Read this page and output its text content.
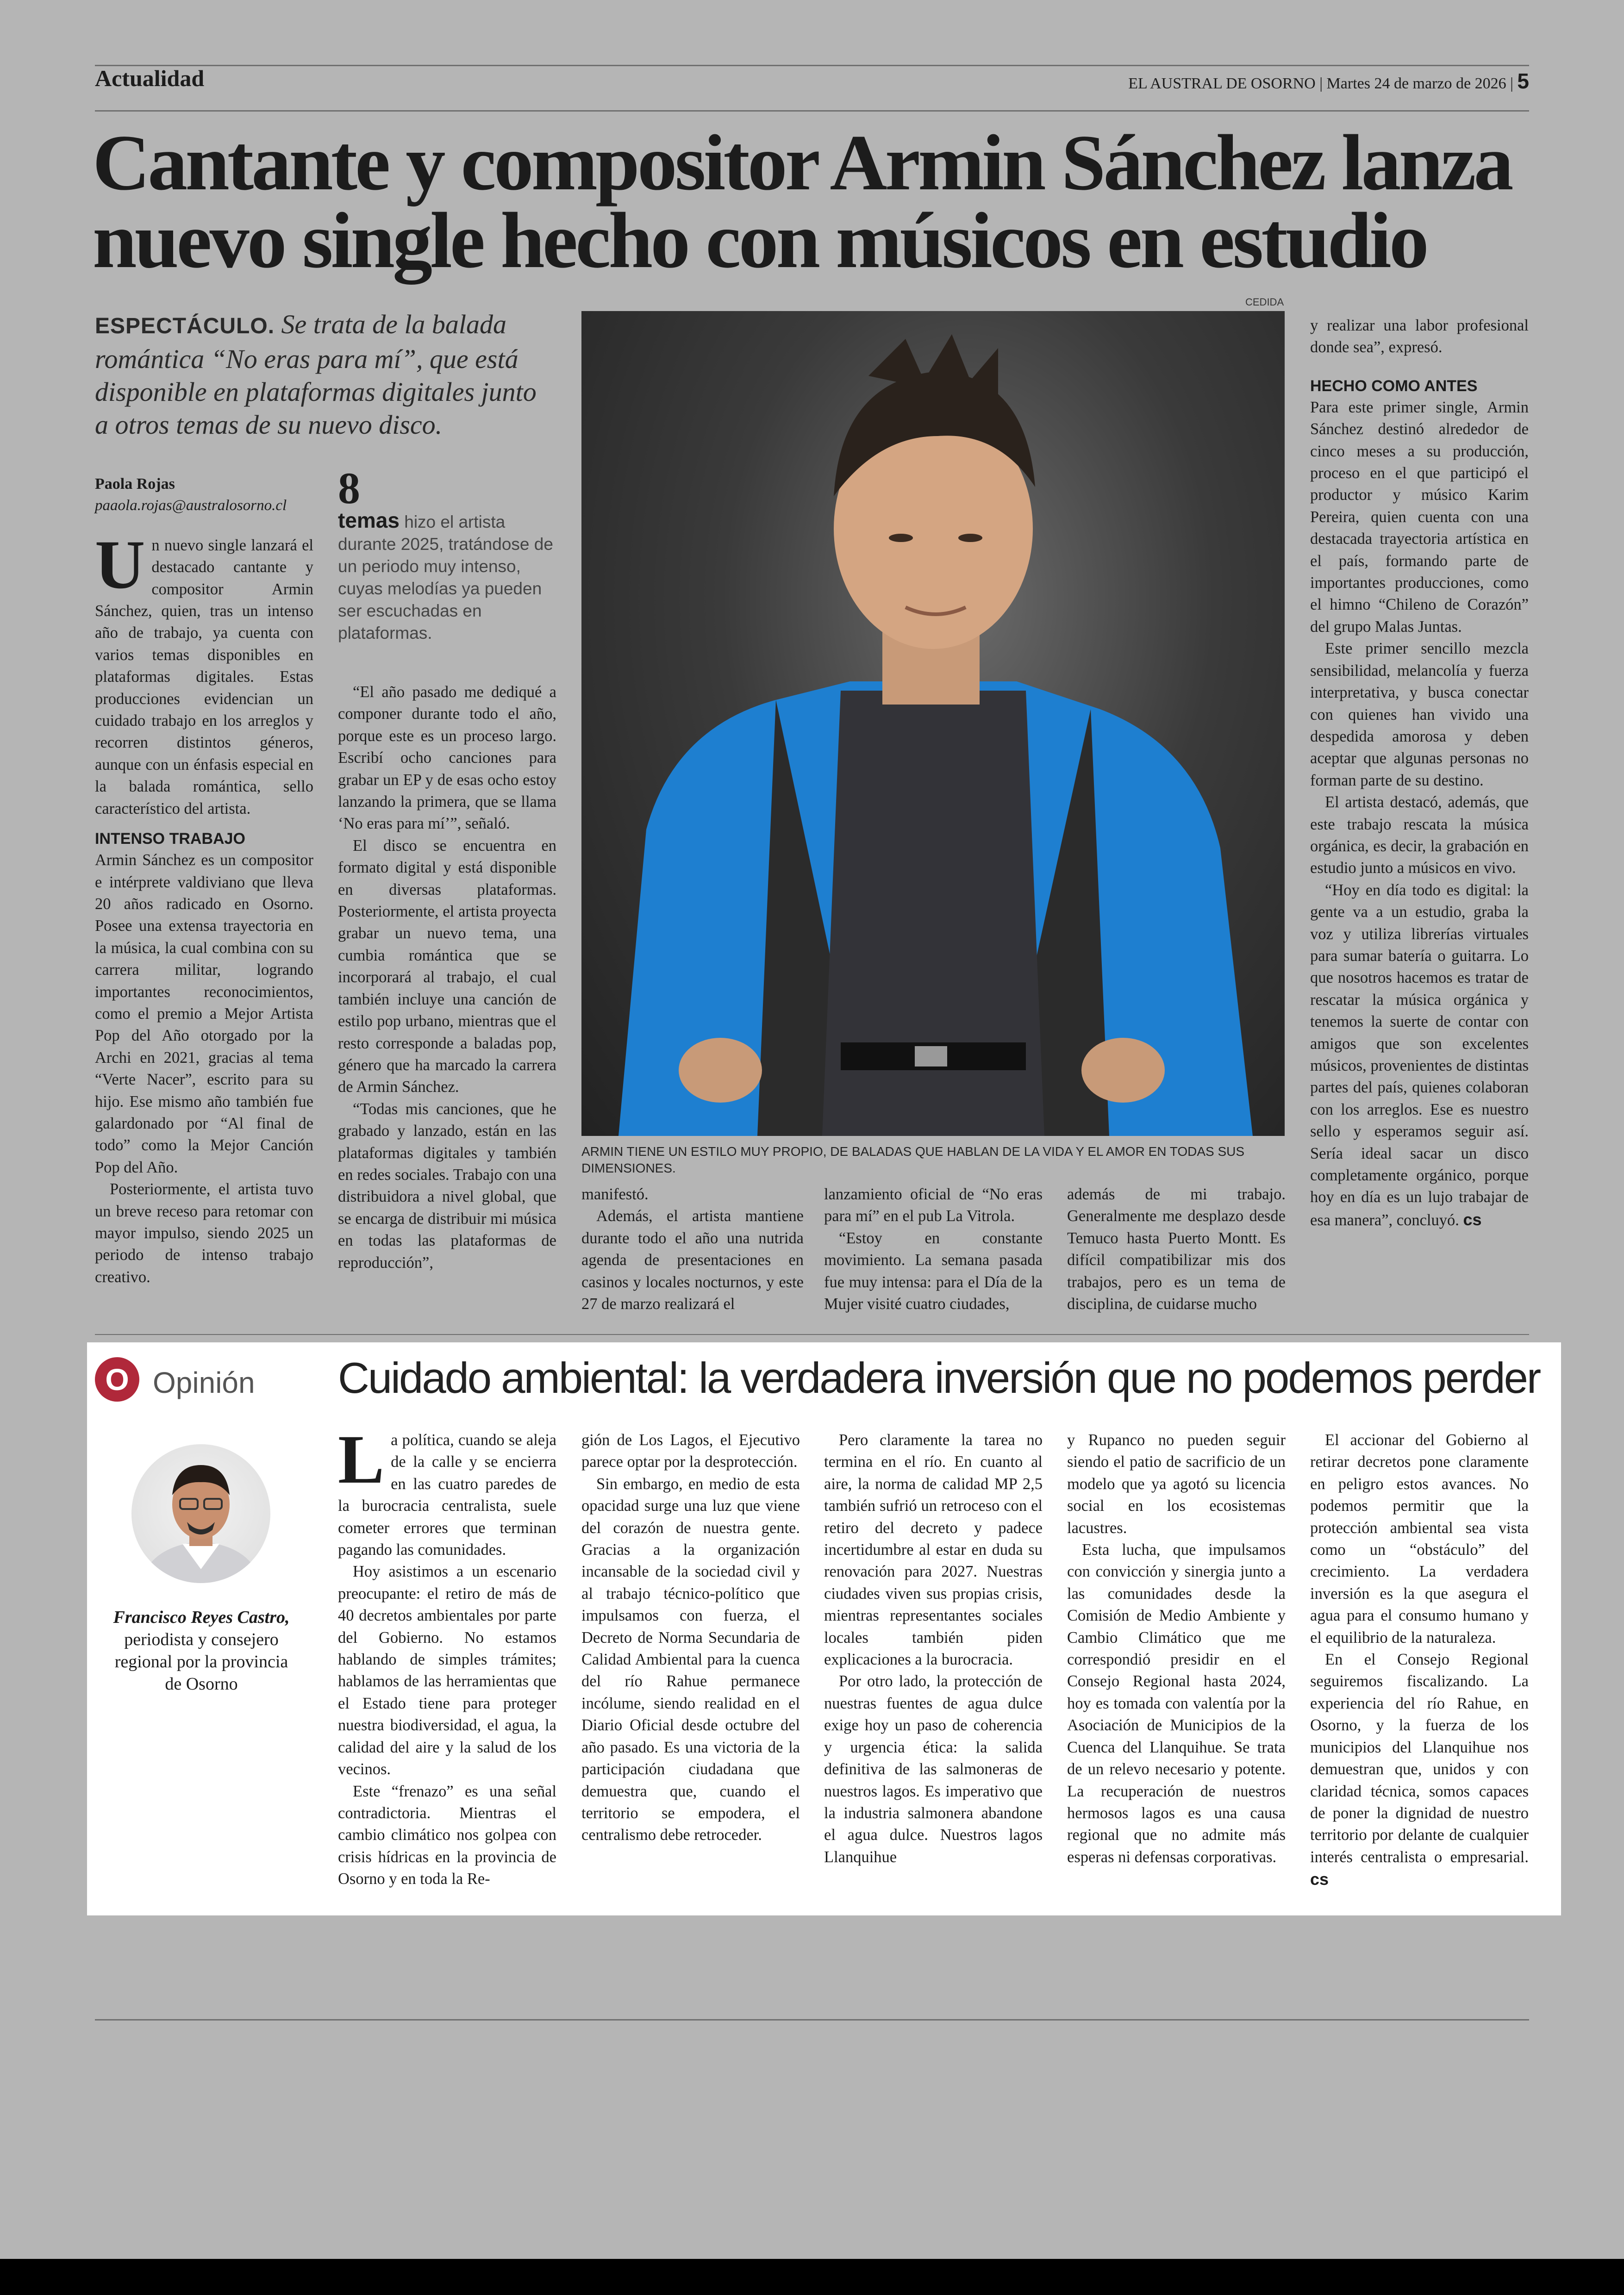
Actualidad	EL AUSTRAL DE OSORNO | Martes 24 de marzo de 2026 | 5
Cantante y compositor Armin Sánchez lanza nuevo single hecho con músicos en estudio
ESPECTÁCULO. Se trata de la balada romántica “No eras para mí”, que está disponible en plataformas digitales junto a otros temas de su nuevo disco.
Paola Rojas
paaola.rojas@australosorno.cl

Un nuevo single lanzará el destacado cantante y compositor Armin Sánchez, quien, tras un intenso año de trabajo, ya cuenta con varios temas disponibles en plataformas digitales. Estas producciones evidencian un cuidado trabajo en los arreglos y recorren distintos géneros, aunque con un énfasis especial en la balada romántica, sello característico del artista.

INTENSO TRABAJO

Armin Sánchez es un compositor e intérprete valdiviano que lleva 20 años radicado en Osorno. Posee una extensa trayectoria en la música, la cual combina con su carrera militar, logrando importantes reconocimientos, como el premio a Mejor Artista Pop del Año otorgado por la Archi en 2021, gracias al tema “Verte Nacer”, escrito para su hijo. Ese mismo año también fue galardonado por “Al final de todo” como la Mejor Canción Pop del Año.

Posteriormente, el artista tuvo un breve receso para retomar con mayor impulso, siendo 2025 un periodo de intenso trabajo creativo.

8
temas hizo el artista durante 2025, tratándose de un periodo muy intenso, cuyas melodías ya pueden ser escuchadas en plataformas.

“El año pasado me dediqué a componer durante todo el año, porque este es un proceso largo. Escribí ocho canciones para grabar un EP y de esas ocho estoy lanzando la primera, que se llama ‘No eras para mí’”, señaló.

El disco se encuentra en formato digital y está disponible en diversas plataformas. Posteriormente, el artista proyecta grabar un nuevo tema, una cumbia romántica que se incorporará al trabajo, el cual también incluye una canción de estilo pop urbano, mientras que el resto corresponde a baladas pop, género que ha marcado la carrera de Armin Sánchez.

“Todas mis canciones, que he grabado y lanzado, están en las plataformas digitales y también en redes sociales. Trabajo con una distribuidora a nivel global, que se encarga de distribuir mi música en todas las plataformas de reproducción”,

CEDIDA
ARMIN TIENE UN ESTILO MUY PROPIO, DE BALADAS QUE HABLAN DE LA VIDA Y EL AMOR EN TODAS SUS DIMENSIONES.

manifestó.

Además, el artista mantiene durante todo el año una nutrida agenda de presentaciones en casinos y locales nocturnos, y este 27 de marzo realizará el

lanzamiento oficial de “No eras para mí” en el pub La Vitrola.

“Estoy en constante movimiento. La semana pasada fue muy intensa: para el Día de la Mujer visité cuatro ciudades,

además de mi trabajo. Generalmente me desplazo desde Temuco hasta Puerto Montt. Es difícil compatibilizar mis dos trabajos, pero es un tema de disciplina, de cuidarse mucho

y realizar una labor profesional donde sea”, expresó.

HECHO COMO ANTES

Para este primer single, Armin Sánchez destinó alrededor de cinco meses a su producción, proceso en el que participó el productor y músico Karim Pereira, quien cuenta con una destacada trayectoria artística en el país, formando parte de importantes producciones, como el himno “Chileno de Corazón” del grupo Malas Juntas.

Este primer sencillo mezcla sensibilidad, melancolía y fuerza interpretativa, y busca conectar con quienes han vivido una despedida amorosa y deben aceptar que algunas personas no forman parte de su destino.

El artista destacó, además, que este trabajo rescata la música orgánica, es decir, la grabación en estudio junto a músicos en vivo.

“Hoy en día todo es digital: la gente va a un estudio, graba la voz y utiliza librerías virtuales para sumar batería o guitarra. Lo que nosotros hacemos es tratar de rescatar la música orgánica y tenemos la suerte de contar con amigos que son excelentes músicos, provenientes de distintas partes del país, quienes colaboran con los arreglos. Ese es nuestro sello y esperamos seguir así. Sería ideal sacar un disco completamente orgánico, porque hoy en día es un lujo trabajar de esa manera”, concluyó. cs

O Opinión Cuidado ambiental: la verdadera inversión que no podemos perder
Francisco Reyes Castro,
periodista y consejero regional por la provincia de Osorno

La política, cuando se aleja de la calle y se encierra en las cuatro paredes de la burocracia centralista, suele cometer errores que terminan pagando las comunidades.

Hoy asistimos a un escenario preocupante: el retiro de más de 40 decretos ambientales por parte del Gobierno. No estamos hablando de simples trámites; hablamos de las herramientas que el Estado tiene para proteger nuestra biodiversidad, el agua, la calidad del aire y la salud de los vecinos.

Este “frenazo” es una señal contradictoria. Mientras el cambio climático nos golpea con crisis hídricas en la provincia de Osorno y en toda la Re-

gión de Los Lagos, el Ejecutivo parece optar por la desprotección.

Sin embargo, en medio de esta opacidad surge una luz que viene del corazón de nuestra gente. Gracias a la organización incansable de la sociedad civil y al trabajo técnico-político que impulsamos con fuerza, el Decreto de Norma Secundaria de Calidad Ambiental para la cuenca del río Rahue permanece incólume, siendo realidad en el Diario Oficial desde octubre del año pasado. Es una victoria de la participación ciudadana que demuestra que, cuando el territorio se empodera, el centralismo debe retroceder.

Pero claramente la tarea no termina en el río. En cuanto al aire, la norma de calidad MP 2,5 también sufrió un retroceso con el retiro del decreto y padece incertidumbre al estar en duda su renovación para 2027. Nuestras ciudades viven sus propias crisis, mientras representantes sociales locales también piden explicaciones a la burocracia.

Por otro lado, la protección de nuestras fuentes de agua dulce exige hoy un paso de coherencia y urgencia ética: la salida definitiva de las salmoneras de nuestros lagos. Es imperativo que la industria salmonera abandone el agua dulce. Nuestros lagos Llanquihue

y Rupanco no pueden seguir siendo el patio de sacrificio de un modelo que ya agotó su licencia social en los ecosistemas lacustres.

Esta lucha, que impulsamos con convicción y sinergia junto a las comunidades desde la Comisión de Medio Ambiente y Cambio Climático que me correspondió presidir en el Consejo Regional hasta 2024, hoy es tomada con valentía por la Asociación de Municipios de la Cuenca del Llanquihue. Se trata de un relevo necesario y potente. La recuperación de nuestros hermosos lagos es una causa regional que no admite más esperas ni defensas corporativas.

El accionar del Gobierno al retirar decretos pone claramente en peligro estos avances. No podemos permitir que la protección ambiental sea vista como un “obstáculo” del crecimiento. La verdadera inversión es la que asegura el agua para el consumo humano y el equilibrio de la naturaleza.

En el Consejo Regional seguiremos fiscalizando. La experiencia del río Rahue, en Osorno, y la fuerza de los municipios del Llanquihue nos demuestran que, unidos y con claridad técnica, somos capaces de poner la dignidad de nuestro territorio por delante de cualquier interés centralista o empresarial. cs
